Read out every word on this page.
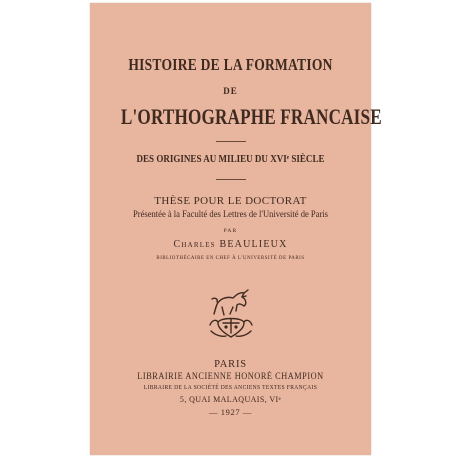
HISTOIRE DE LA FORMATION
DE
L'ORTHOGRAPHE FRANCAISE
DES ORIGINES AU MILIEU DU XVIᵉ SIÈCLE
THÈSE POUR LE DOCTORAT
Présentée à la Faculté des Lettres de l'Université de Paris
PAR
Charles BEAULIEUX
BIBLIOTHÉCAIRE EN CHEF À L'UNIVERSITÉ DE PARIS
PARIS
LIBRAIRIE ANCIENNE HONORÉ CHAMPION
LIBRAIRE DE LA SOCIÉTÉ DES ANCIENS TEXTES FRANÇAIS
5, QUAI MALAQUAIS, VIᵉ
— 1927 —
